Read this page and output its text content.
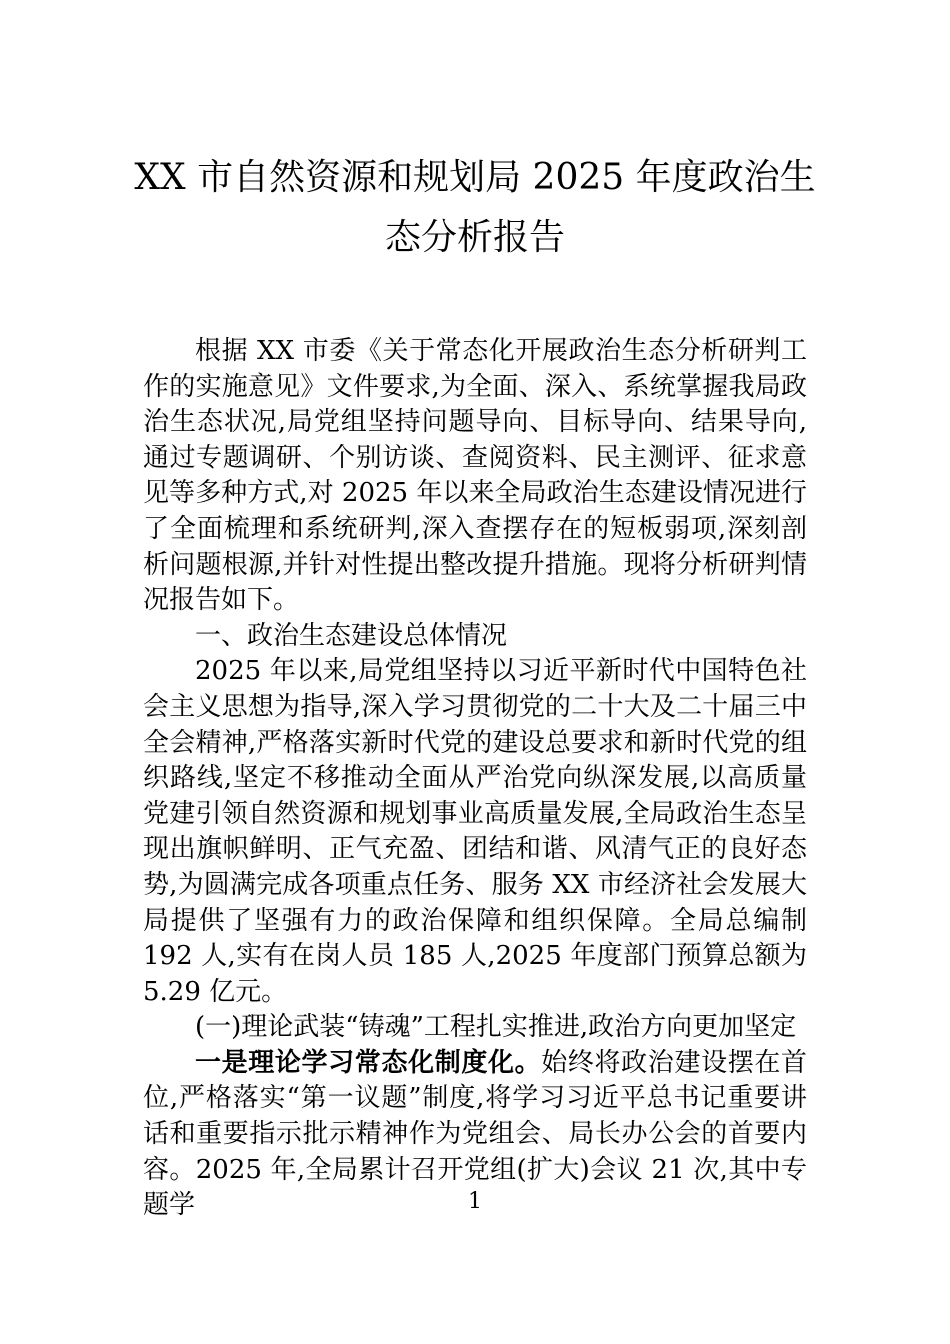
XX 市自然资源和规划局 2025 年度政治生
态分析报告

根据 XX 市委《关于常态化开展政治生态分析研判工作的实施意见》文件要求,为全面、深入、系统掌握我局政治生态状况,局党组坚持问题导向、目标导向、结果导向,通过专题调研、个别访谈、查阅资料、民主测评、征求意见等多种方式,对 2025 年以来全局政治生态建设情况进行了全面梳理和系统研判,深入查摆存在的短板弱项,深刻剖析问题根源,并针对性提出整改提升措施。现将分析研判情况报告如下。

一、政治生态建设总体情况

2025 年以来,局党组坚持以习近平新时代中国特色社会主义思想为指导,深入学习贯彻党的二十大及二十届三中全会精神,严格落实新时代党的建设总要求和新时代党的组织路线,坚定不移推动全面从严治党向纵深发展,以高质量党建引领自然资源和规划事业高质量发展,全局政治生态呈现出旗帜鲜明、正气充盈、团结和谐、风清气正的良好态势,为圆满完成各项重点任务、服务 XX 市经济社会发展大局提供了坚强有力的政治保障和组织保障。全局总编制 192 人,实有在岗人员 185 人,2025 年度部门预算总额为 5.29 亿元。

(一)理论武装“铸魂”工程扎实推进,政治方向更加坚定

一是理论学习常态化制度化。始终将政治建设摆在首位,严格落实“第一议题”制度,将学习习近平总书记重要讲话和重要指示批示精神作为党组会、局长办公会的首要内容。2025 年,全局累计召开党组(扩大)会议 21 次,其中专题学	1
